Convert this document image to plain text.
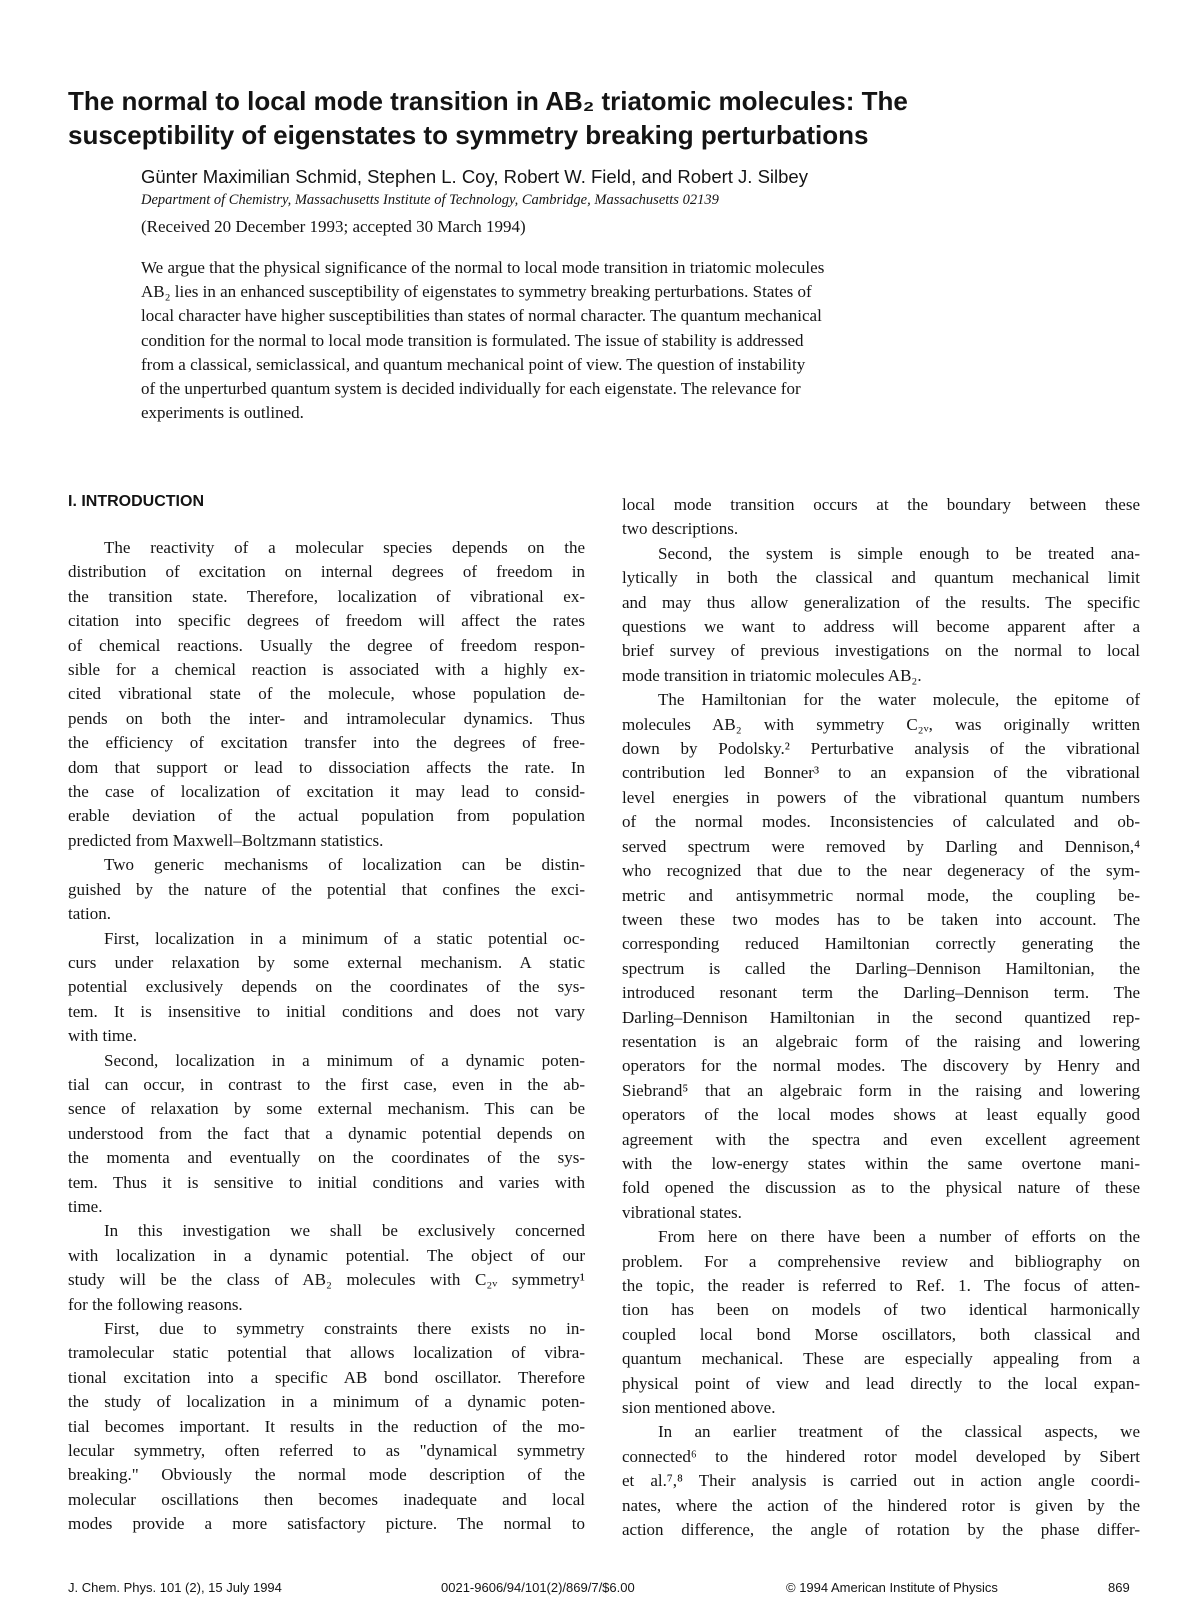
The normal to local mode transition in AB₂ triatomic molecules: The
susceptibility of eigenstates to symmetry breaking perturbations

Günter Maximilian Schmid, Stephen L. Coy, Robert W. Field, and Robert J. Silbey

Department of Chemistry, Massachusetts Institute of Technology, Cambridge, Massachusetts 02139

(Received 20 December 1993; accepted 30 March 1994)

We argue that the physical significance of the normal to local mode transition in triatomic molecules
AB₂ lies in an enhanced susceptibility of eigenstates to symmetry breaking perturbations. States of
local character have higher susceptibilities than states of normal character. The quantum mechanical
condition for the normal to local mode transition is formulated. The issue of stability is addressed
from a classical, semiclassical, and quantum mechanical point of view. The question of instability
of the unperturbed quantum system is decided individually for each eigenstate. The relevance for
experiments is outlined.
I. INTRODUCTION
The reactivity of a molecular species depends on the
distribution of excitation on internal degrees of freedom in
the transition state. Therefore, localization of vibrational ex-
citation into specific degrees of freedom will affect the rates
of chemical reactions. Usually the degree of freedom respon-
sible for a chemical reaction is associated with a highly ex-
cited vibrational state of the molecule, whose population de-
pends on both the inter- and intramolecular dynamics. Thus
the efficiency of excitation transfer into the degrees of free-
dom that support or lead to dissociation affects the rate. In
the case of localization of excitation it may lead to consid-
erable deviation of the actual population from population
predicted from Maxwell–Boltzmann statistics.
Two generic mechanisms of localization can be distin-
guished by the nature of the potential that confines the exci-
tation.
First, localization in a minimum of a static potential oc-
curs under relaxation by some external mechanism. A static
potential exclusively depends on the coordinates of the sys-
tem. It is insensitive to initial conditions and does not vary
with time.
Second, localization in a minimum of a dynamic poten-
tial can occur, in contrast to the first case, even in the ab-
sence of relaxation by some external mechanism. This can be
understood from the fact that a dynamic potential depends on
the momenta and eventually on the coordinates of the sys-
tem. Thus it is sensitive to initial conditions and varies with
time.
In this investigation we shall be exclusively concerned
with localization in a dynamic potential. The object of our
study will be the class of AB₂ molecules with C₂ᵥ symmetry¹
for the following reasons.
First, due to symmetry constraints there exists no in-
tramolecular static potential that allows localization of vibra-
tional excitation into a specific AB bond oscillator. Therefore
the study of localization in a minimum of a dynamic poten-
tial becomes important. It results in the reduction of the mo-
lecular symmetry, often referred to as "dynamical symmetry
breaking." Obviously the normal mode description of the
molecular oscillations then becomes inadequate and local
modes provide a more satisfactory picture. The normal to
local mode transition occurs at the boundary between these
two descriptions.
Second, the system is simple enough to be treated ana-
lytically in both the classical and quantum mechanical limit
and may thus allow generalization of the results. The specific
questions we want to address will become apparent after a
brief survey of previous investigations on the normal to local
mode transition in triatomic molecules AB₂.
The Hamiltonian for the water molecule, the epitome of
molecules AB₂ with symmetry C₂ᵥ, was originally written
down by Podolsky.² Perturbative analysis of the vibrational
contribution led Bonner³ to an expansion of the vibrational
level energies in powers of the vibrational quantum numbers
of the normal modes. Inconsistencies of calculated and ob-
served spectrum were removed by Darling and Dennison,⁴
who recognized that due to the near degeneracy of the sym-
metric and antisymmetric normal mode, the coupling be-
tween these two modes has to be taken into account. The
corresponding reduced Hamiltonian correctly generating the
spectrum is called the Darling–Dennison Hamiltonian, the
introduced resonant term the Darling–Dennison term. The
Darling–Dennison Hamiltonian in the second quantized rep-
resentation is an algebraic form of the raising and lowering
operators for the normal modes. The discovery by Henry and
Siebrand⁵ that an algebraic form in the raising and lowering
operators of the local modes shows at least equally good
agreement with the spectra and even excellent agreement
with the low-energy states within the same overtone mani-
fold opened the discussion as to the physical nature of these
vibrational states.
From here on there have been a number of efforts on the
problem. For a comprehensive review and bibliography on
the topic, the reader is referred to Ref. 1. The focus of atten-
tion has been on models of two identical harmonically
coupled local bond Morse oscillators, both classical and
quantum mechanical. These are especially appealing from a
physical point of view and lead directly to the local expan-
sion mentioned above.
In an earlier treatment of the classical aspects, we
connected⁶ to the hindered rotor model developed by Sibert
et al.⁷,⁸ Their analysis is carried out in action angle coordi-
nates, where the action of the hindered rotor is given by the
action difference, the angle of rotation by the phase differ-
J. Chem. Phys. 101 (2), 15 July 1994	0021-9606/94/101(2)/869/7/$6.00	© 1994 American Institute of Physics	869
